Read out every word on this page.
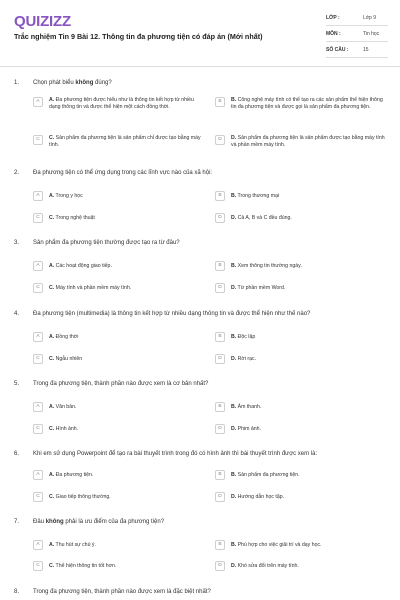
QUIZIZZ
Trắc nghiệm Tin 9 Bài 12. Thông tin đa phương tiện có đáp án (Mới nhất)
LỚP :	Lớp 9
MÔN :	Tin học
SỐ CÂU :	15
1. Chọn phát biểu không đúng?
A	A. Đa phương tiện được hiểu như là thông tin kết hợp từ nhiều dạng thông tin và được thể hiện một cách đồng thời.
B	B. Công nghệ máy tính có thể tạo ra các sản phẩm thể hiện thông tin đa phương tiện và được gọi là sản phẩm đa phương tiện.
C	C. Sản phẩm đa phương tiện là sản phẩm chỉ được tạo bằng máy tính.
D	D. Sản phẩm đa phương tiện là sản phẩm được tạo bằng máy tính và phần mềm máy tính.
2. Đa phương tiện có thể ứng dụng trong các lĩnh vực nào của xã hội:
A	A. Trong y học	B	B. Trong thương mại
C	C. Trong nghệ thuật	D	D. Cả A, B và C đều đúng.
3. Sản phẩm đa phương tiện thường được tạo ra từ đâu?
A	A. Các hoạt động giao tiếp.	B	B. Xem thông tin thường ngày.
C	C. Máy tính và phần mềm máy tính.	D	D. Từ phần mềm Word.
4. Đa phương tiện (multimedia) là thông tin kết hợp từ nhiều dạng thông tin và được thể hiện như thế nào?
A	A. Đồng thời	B	B. Độc lập
C	C. Ngẫu nhiên	D	D. Rời rạc.
5. Trong đa phương tiện, thành phần nào được xem là cơ bản nhất?
A	A. Văn bản.	B	B. Âm thanh.
C	C. Hình ảnh.	D	D. Phim ảnh.
6. Khi em sử dụng Powerpoint để tạo ra bài thuyết trình trong đó có hình ảnh thì bài thuyết trình được xem là:
A	A. Đa phương tiện.	B	B. Sản phẩm đa phương tiện.
C	C. Giao tiếp thông thường.	D	D. Hướng dẫn học tập.
7. Đâu không phải là ưu điểm của đa phương tiện?
A	A. Thu hút sự chú ý.	B	B. Phù hợp cho việc giải trí và dạy học.
C	C. Thể hiện thông tin tốt hơn.	D	D. Khó sửa đổi trên máy tính.
8. Trong đa phương tiện, thành phần nào được xem là đặc biệt nhất?
